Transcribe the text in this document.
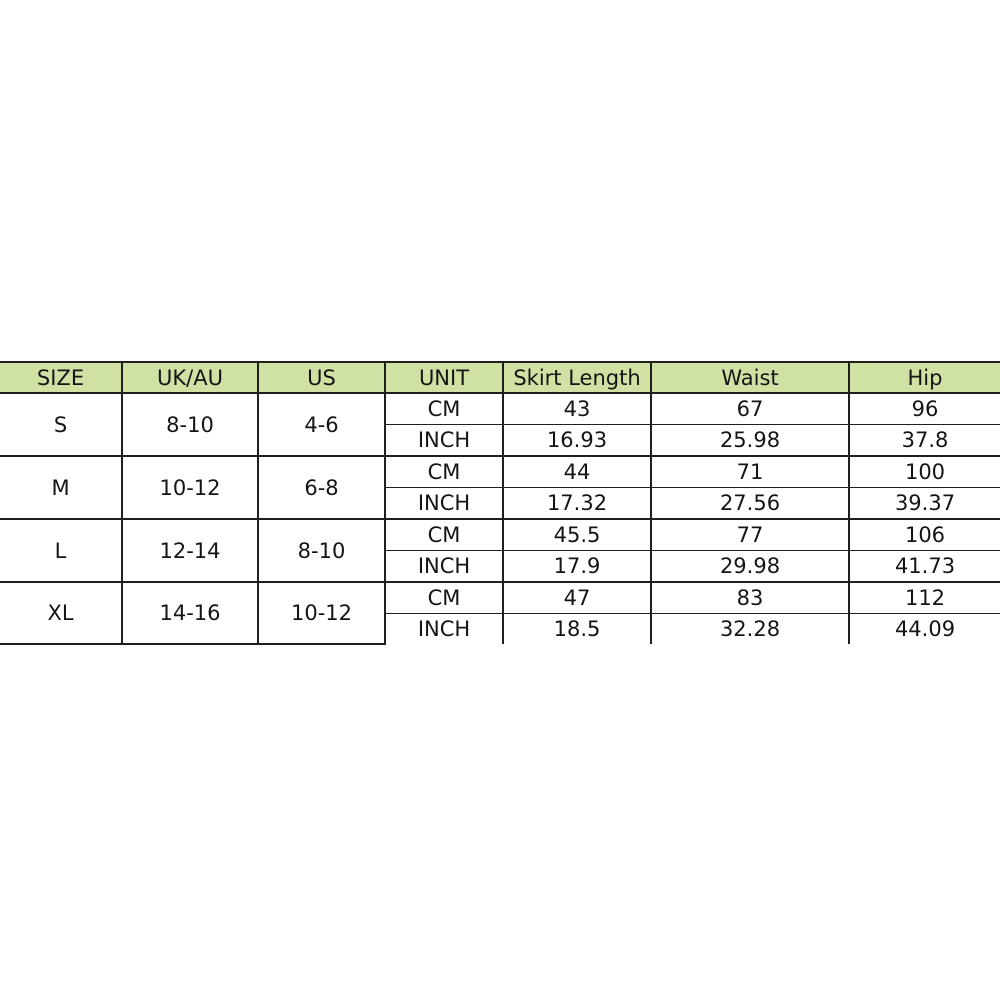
SIZE	UK/AU	US	UNIT	Skirt Length	Waist	Hip
S	8-10	4-6	CM	43	67	96
			INCH	16.93	25.98	37.8
M	10-12	6-8	CM	44	71	100
			INCH	17.32	27.56	39.37
L	12-14	8-10	CM	45.5	77	106
			INCH	17.9	29.98	41.73
XL	14-16	10-12	CM	47	83	112
			INCH	18.5	32.28	44.09
